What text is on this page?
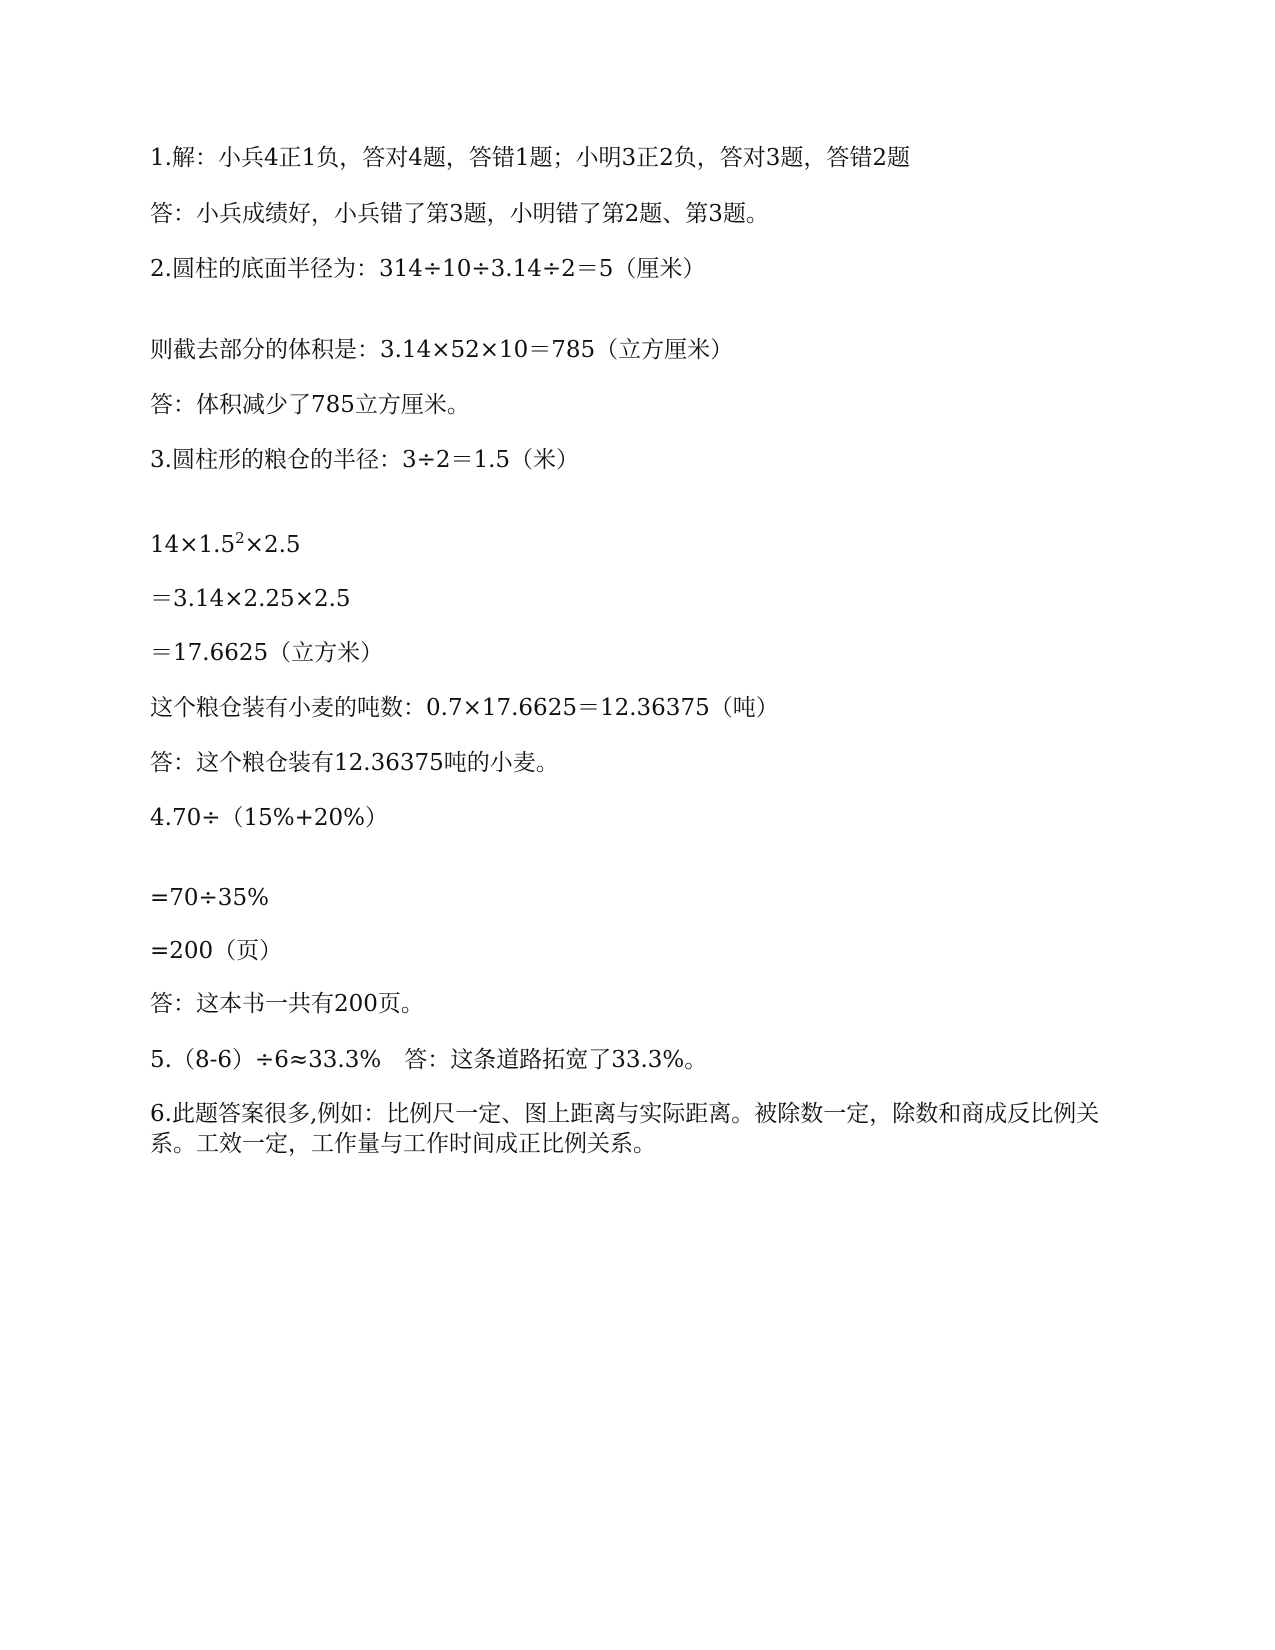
1.解：小兵4正1负，答对4题，答错1题；小明3正2负，答对3题，答错2题
答：小兵成绩好，小兵错了第3题，小明错了第2题、第3题。
2.圆柱的底面半径为：314÷10÷3.14÷2＝5（厘米）
则截去部分的体积是：3.14×52×10＝785（立方厘米）
答：体积减少了785立方厘米。
3.圆柱形的粮仓的半径：3÷2＝1.5（米）
$14\times 1.5^2\times 2.5$
＝3.14×2.25×2.5
＝17.6625（立方米）
这个粮仓装有小麦的吨数：0.7×17.6625＝12.36375（吨）
答：这个粮仓装有12.36375吨的小麦。
4.70÷（15%+20%）
=70÷35%
=200（页）
答：这本书一共有200页。
5.（8-6）÷6≈33.3%　答：这条道路拓宽了33.3%。
6.此题答案很多,例如：比例尺一定、图上距离与实际距离。被除数一定，除数和商成反比例关系。工效一定，工作量与工作时间成正比例关系。
